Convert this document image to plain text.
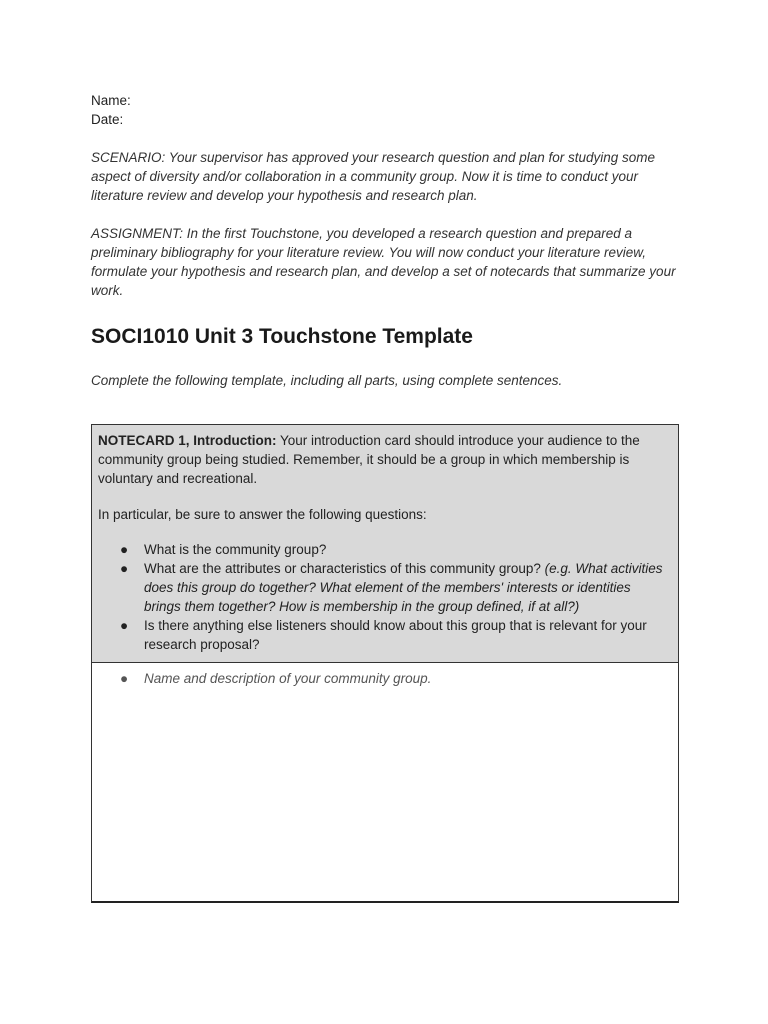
Name:

Date:

SCENARIO: Your supervisor has approved your research question and plan for studying some aspect of diversity and/or collaboration in a community group. Now it is time to conduct your literature review and develop your hypothesis and research plan.

ASSIGNMENT: In the first Touchstone, you developed a research question and prepared a preliminary bibliography for your literature review. You will now conduct your literature review, formulate your hypothesis and research plan, and develop a set of notecards that summarize your work.

SOCI1010 Unit 3 Touchstone Template

Complete the following template, including all parts, using complete sentences.

NOTECARD 1, Introduction: Your introduction card should introduce your audience to the community group being studied. Remember, it should be a group in which membership is voluntary and recreational.

In particular, be sure to answer the following questions:

● What is the community group?
● What are the attributes or characteristics of this community group? (e.g. What activities does this group do together? What element of the members' interests or identities brings them together? How is membership in the group defined, if at all?)
● Is there anything else listeners should know about this group that is relevant for your research proposal?
● Name and description of your community group.
